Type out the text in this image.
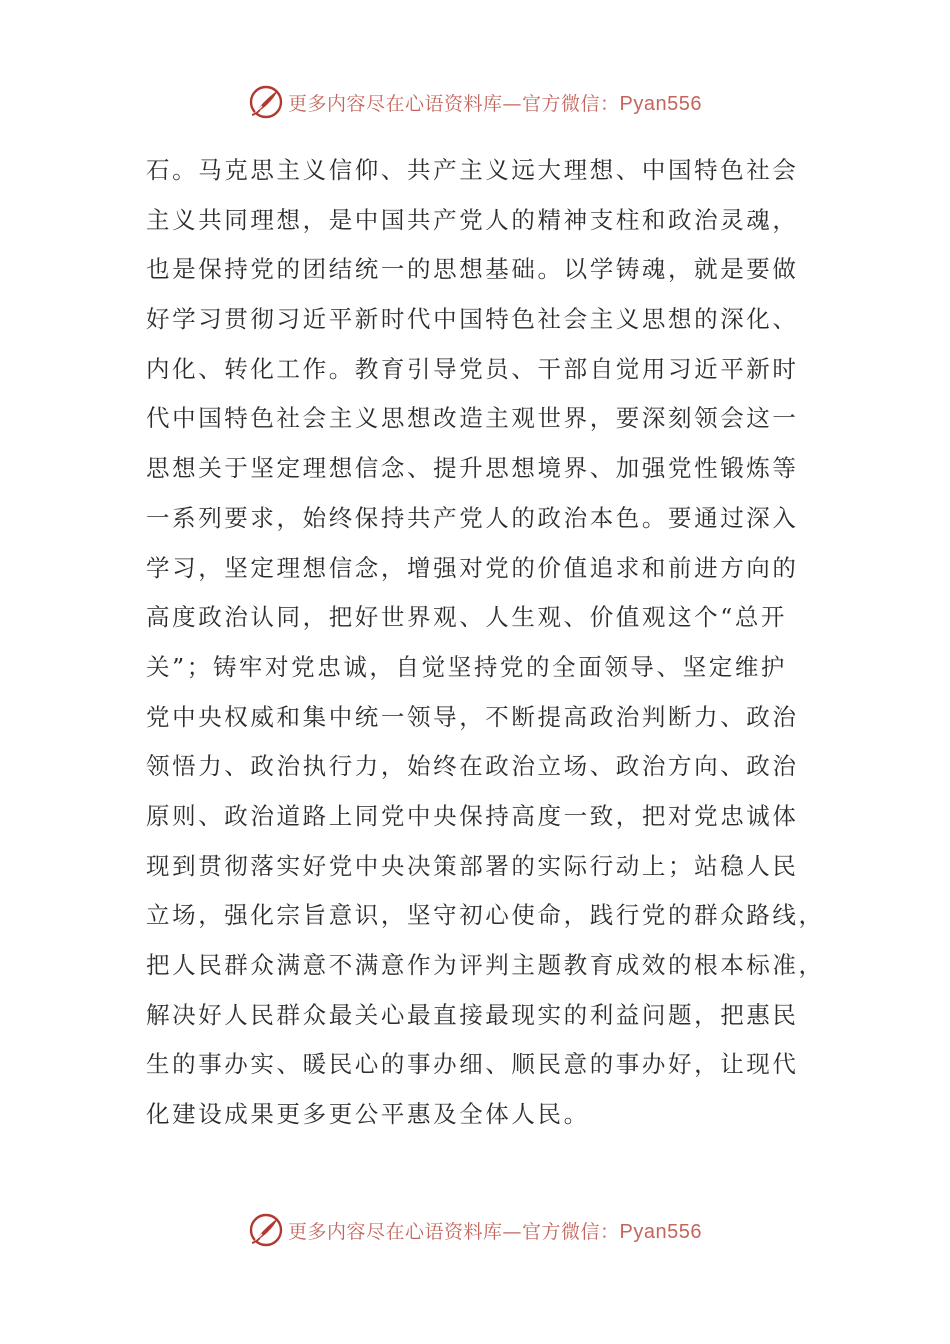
更多内容尽在心语资料库—官方微信：Pyan556
石。马克思主义信仰、共产主义远大理想、中国特色社会
主义共同理想，是中国共产党人的精神支柱和政治灵魂，
也是保持党的团结统一的思想基础。以学铸魂，就是要做
好学习贯彻习近平新时代中国特色社会主义思想的深化、
内化、转化工作。教育引导党员、干部自觉用习近平新时
代中国特色社会主义思想改造主观世界，要深刻领会这一
思想关于坚定理想信念、提升思想境界、加强党性锻炼等
一系列要求，始终保持共产党人的政治本色。要通过深入
学习，坚定理想信念，增强对党的价值追求和前进方向的
高度政治认同，把好世界观、人生观、价值观这个“总开
关”；铸牢对党忠诚，自觉坚持党的全面领导、坚定维护
党中央权威和集中统一领导，不断提高政治判断力、政治
领悟力、政治执行力，始终在政治立场、政治方向、政治
原则、政治道路上同党中央保持高度一致，把对党忠诚体
现到贯彻落实好党中央决策部署的实际行动上；站稳人民
立场，强化宗旨意识，坚守初心使命，践行党的群众路线，
把人民群众满意不满意作为评判主题教育成效的根本标准，
解决好人民群众最关心最直接最现实的利益问题，把惠民
生的事办实、暖民心的事办细、顺民意的事办好，让现代
化建设成果更多更公平惠及全体人民。
更多内容尽在心语资料库—官方微信：Pyan556
